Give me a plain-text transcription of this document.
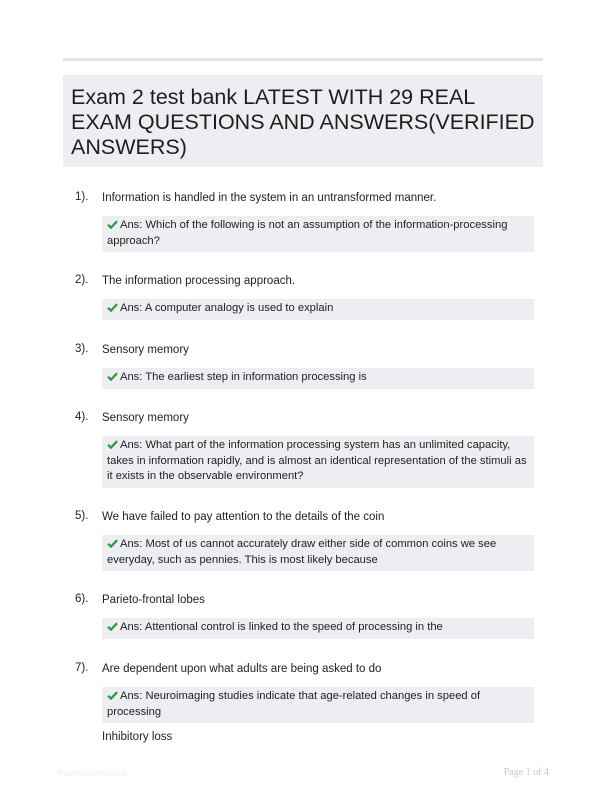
Exam 2 test bank LATEST WITH 29 REAL EXAM QUESTIONS AND ANSWERS(VERIFIED ANSWERS)
1). Information is handled in the system in an untransformed manner.
Ans: Which of the following is not an assumption of the information-processing approach?
2). The information processing approach.
Ans: A computer analogy is used to explain
3). Sensory memory
Ans: The earliest step in information processing is
4). Sensory memory
Ans: What part of the information processing system has an unlimited capacity, takes in information rapidly, and is almost an identical representation of the stimuli as it exists in the observable environment?
5). We have failed to pay attention to the details of the coin
Ans: Most of us cannot accurately draw either side of common coins we see everyday, such as pennies. This is most likely because
6). Parieto-frontal lobes
Ans: Attentional control is linked to the speed of processing in the
7). Are dependent upon what adults are being asked to do
Ans: Neuroimaging studies indicate that age-related changes in speed of processing
Inhibitory loss
PaperStudy.com	Page 1 of 4
